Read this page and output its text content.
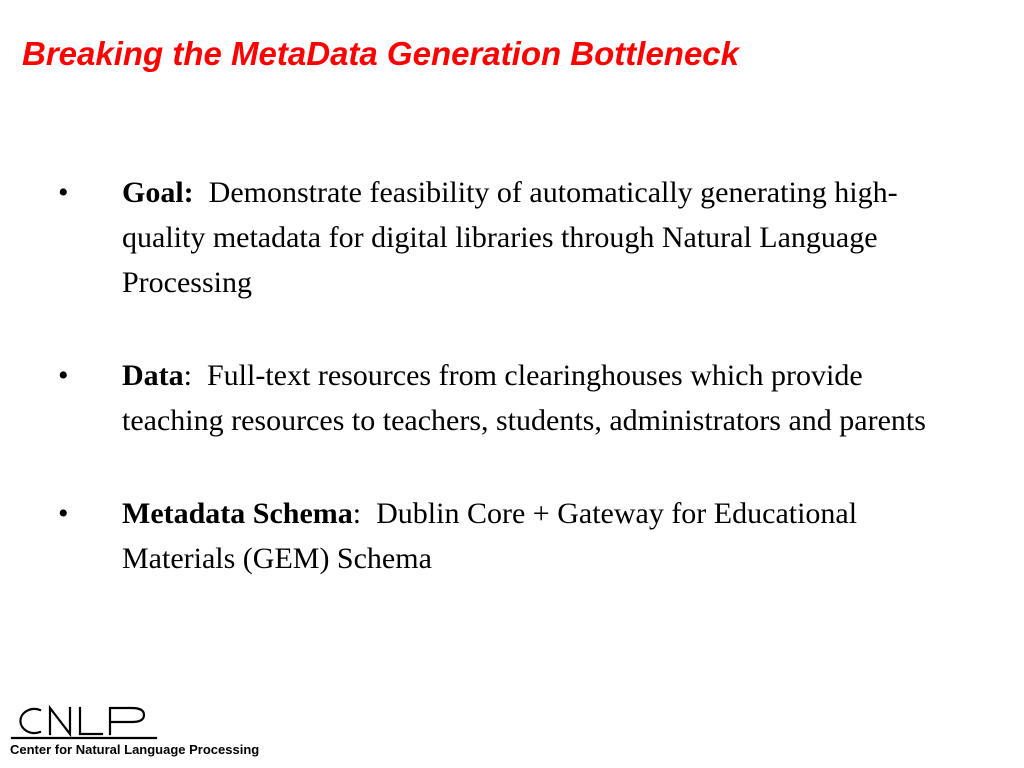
Breaking the MetaData Generation Bottleneck
• Goal:  Demonstrate feasibility of automatically generating high-quality metadata for digital libraries through Natural Language Processing
• Data:  Full-text resources from clearinghouses which provide teaching resources to teachers, students, administrators and parents
• Metadata Schema:  Dublin Core + Gateway for Educational Materials (GEM) Schema
Center for Natural Language Processing
